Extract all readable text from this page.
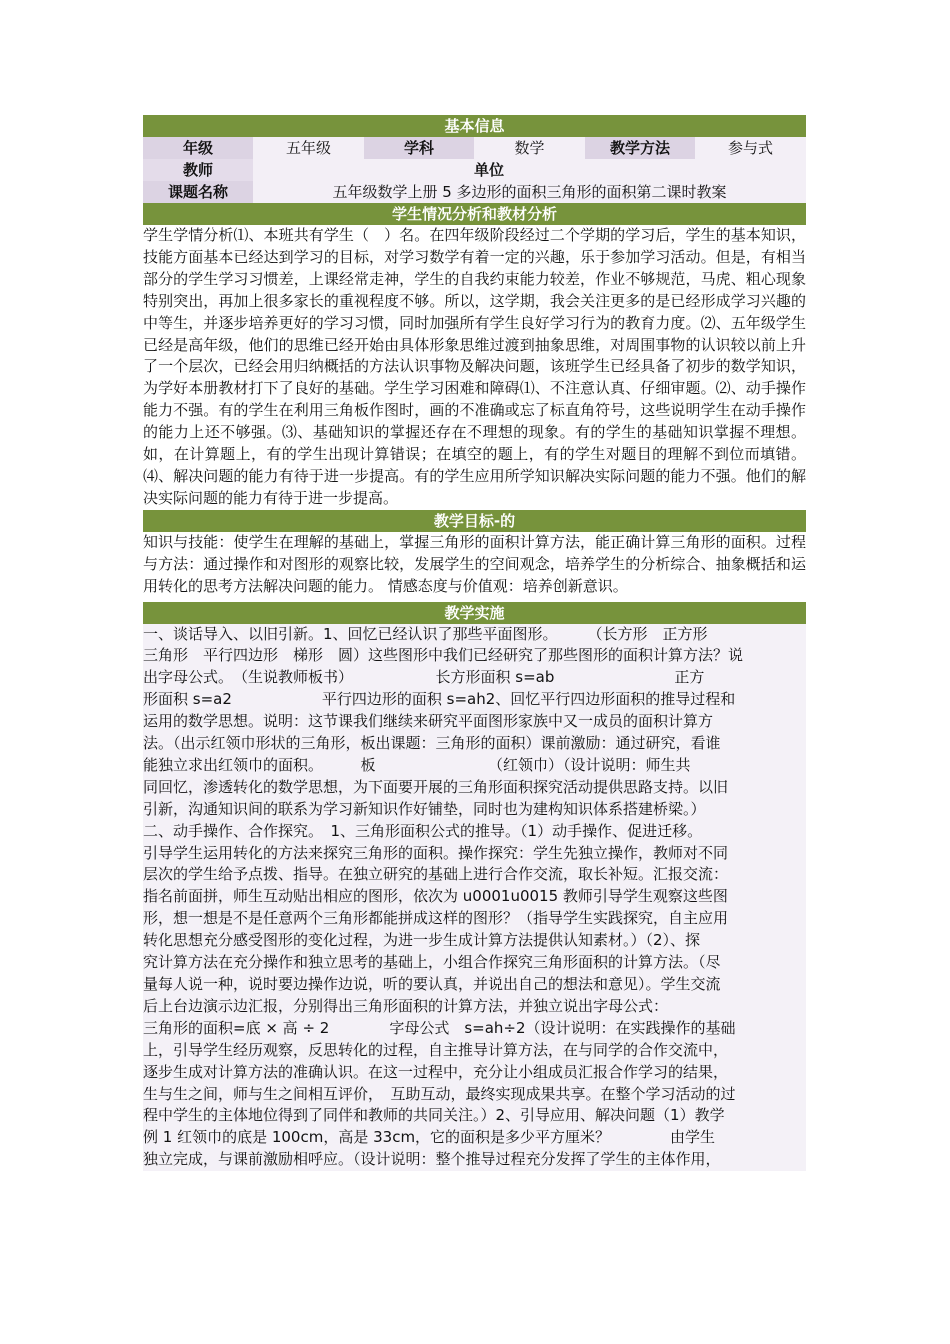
基本信息					
年级	五年级	学科	数学	教学方法	参与式
教师			单位		
课题名称	五年级数学上册 5 多边形的面积三角形的面积第二课时教案				
学生情况分析和教材分析

学生学情分析⑴、本班共有学生（　）名。在四年级阶段经过二个学期的学习后，学生的基本知识，技能方面基本已经达到学习的目标，对学习数学有着一定的兴趣，乐于参加学习活动。但是，有相当部分的学生学习习惯差，上课经常走神，学生的自我约束能力较差，作业不够规范，马虎、粗心现象特别突出，再加上很多家长的重视程度不够。所以，这学期，我会关注更多的是已经形成学习兴趣的中等生，并逐步培养更好的学习习惯，同时加强所有学生良好学习行为的教育力度。⑵、五年级学生已经是高年级，他们的思维已经开始由具体形象思维过渡到抽象思维，对周围事物的认识较以前上升了一个层次，已经会用归纳概括的方法认识事物及解决问题，该班学生已经具备了初步的数学知识，为学好本册教材打下了良好的基础。学生学习困难和障碍⑴、不注意认真、仔细审题。⑵、动手操作能力不强。有的学生在利用三角板作图时，画的不准确或忘了标直角符号，这些说明学生在动手操作的能力上还不够强。⑶、基础知识的掌握还存在不理想的现象。有的学生的基础知识掌握不理想。如，在计算题上，有的学生出现计算错误；在填空的题上，有的学生对题目的理解不到位而填错。 ⑷、解决问题的能力有待于进一步提高。有的学生应用所学知识解决实际问题的能力不强。他们的解决实际问题的能力有待于进一步提高。

教学目标-的

知识与技能：使学生在理解的基础上，掌握三角形的面积计算方法，能正确计算三角形的面积。过程与方法：通过操作和对图形的观察比较，发展学生的空间观念，培养学生的分析综合、抽象概括和运用转化的思考方法解决问题的能力。 情感态度与价值观：培养创新意识。

教学实施
一、谈话导入、以旧引新。1、回忆已经认识了那些平面图形。　　　（长方形　正方形
三角形　平行四边形　梯形　圆）这些图形中我们已经研究了那些图形的面积计算方法？说
出字母公式。　（生说教师板书）　　　　　　长方形面积 s=ab　　　　　　　　正方
形面积 s=a2　　　　　　平行四边形的面积 s=ah2、回忆平行四边形面积的推导过程和
运用的数学思想。说明：这节课我们继续来研究平面图形家族中又一成员的面积计算方
法。（出示红领巾形状的三角形，板出课题：三角形的面积）课前激励：通过研究，看谁
能独立求出红领巾的面积。　　　板　　　　　　　　（红领巾）（设计说明：师生共
同回忆，渗透转化的数学思想，为下面要开展的三角形面积探究活动提供思路支持。以旧
引新，沟通知识间的联系为学习新知识作好铺垫，同时也为建构知识体系搭建桥梁。）
二、动手操作、合作探究。　1、三角形面积公式的推导。（1）动手操作、促进迁移。
引导学生运用转化的方法来探究三角形的面积。操作探究：学生先独立操作，教师对不同
层次的学生给予点拨、指导。在独立研究的基础上进行合作交流，取长补短。汇报交流：
指名前面拼，师生互动贴出相应的图形，依次为 u0001u0015 教师引导学生观察这些图
形，想一想是不是任意两个三角形都能拼成这样的图形？（指导学生实践探究，自主应用
转化思想充分感受图形的变化过程，为进一步生成计算方法提供认知素材。）（2）、探
究计算方法在充分操作和独立思考的基础上，小组合作探究三角形面积的计算方法。（尽
量每人说一种，说时要边操作边说，听的要认真，并说出自己的想法和意见）。学生交流
后上台边演示边汇报，分别得出三角形面积的计算方法，并独立说出字母公式：
三角形的面积=底 × 高 ÷ 2　　　　字母公式　s=ah÷2（设计说明：在实践操作的基础
上，引导学生经历观察，反思转化的过程，自主推导计算方法，在与同学的合作交流中，
逐步生成对计算方法的准确认识。在这一过程中，充分让小组成员汇报合作学习的结果，
生与生之间，师与生之间相互评价，　互助互动，最终实现成果共享。在整个学习活动的过
程中学生的主体地位得到了同伴和教师的共同关注。）2、引导应用、解决问题（1）教学
例 1 红领巾的底是 100cm，高是 33cm，它的面积是多少平方厘米？　　　　由学生
独立完成，与课前激励相呼应。（设计说明：整个推导过程充分发挥了学生的主体作用，
